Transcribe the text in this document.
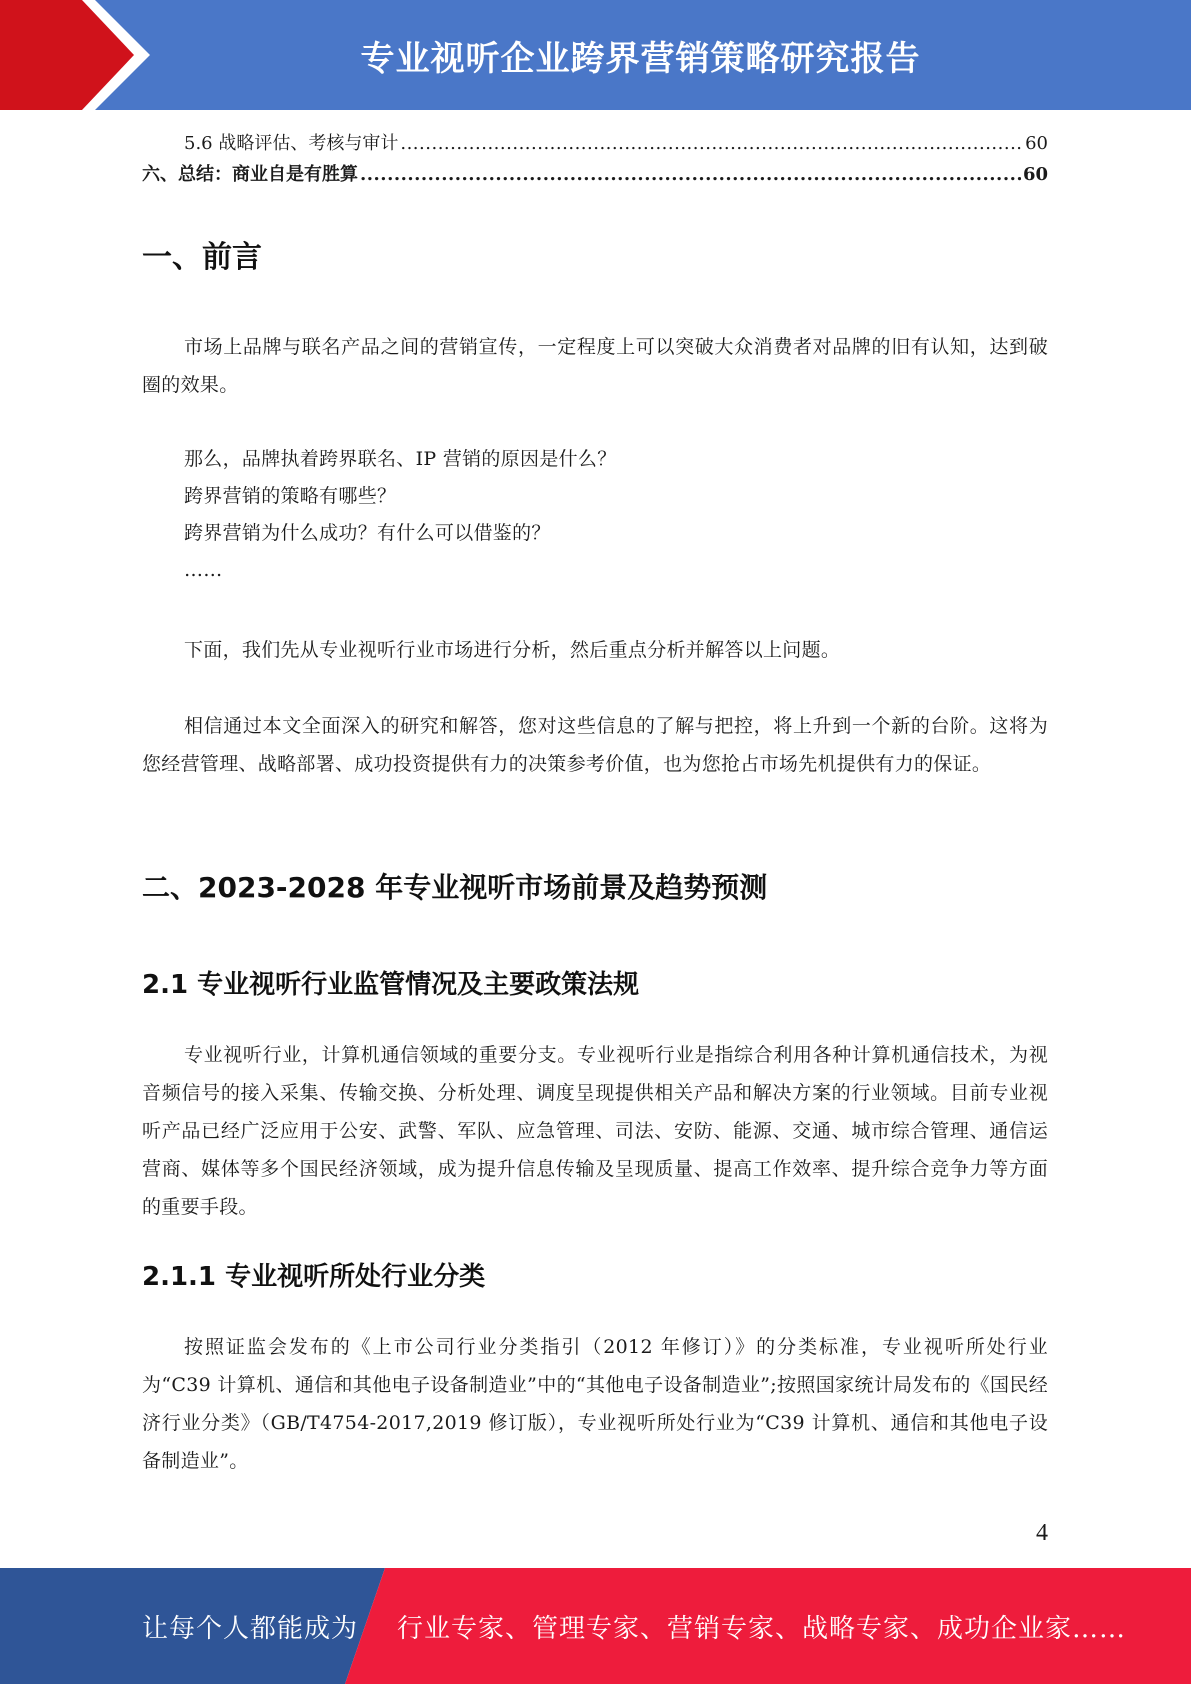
专业视听企业跨界营销策略研究报告
5.6 战略评估、考核与审计 .....	60
六、总结：商业自是有胜算 .....	60
一、前言

市场上品牌与联名产品之间的营销宣传，一定程度上可以突破大众消费者对品牌的旧有认知，达到破圈的效果。

那么，品牌执着跨界联名、IP 营销的原因是什么？
跨界营销的策略有哪些？
跨界营销为什么成功？有什么可以借鉴的？
……

下面，我们先从专业视听行业市场进行分析，然后重点分析并解答以上问题。

相信通过本文全面深入的研究和解答，您对这些信息的了解与把控，将上升到一个新的台阶。这将为您经营管理、战略部署、成功投资提供有力的决策参考价值，也为您抢占市场先机提供有力的保证。

二、2023-2028 年专业视听市场前景及趋势预测
2.1 专业视听行业监管情况及主要政策法规

专业视听行业，计算机通信领域的重要分支。专业视听行业是指综合利用各种计算机通信技术，为视音频信号的接入采集、传输交换、分析处理、调度呈现提供相关产品和解决方案的行业领域。目前专业视听产品已经广泛应用于公安、武警、军队、应急管理、司法、安防、能源、交通、城市综合管理、通信运营商、媒体等多个国民经济领域，成为提升信息传输及呈现质量、提高工作效率、提升综合竞争力等方面的重要手段。

2.1.1 专业视听所处行业分类

按照证监会发布的《上市公司行业分类指引（2012 年修订）》的分类标准，专业视听所处行业为“C39 计算机、通信和其他电子设备制造业”中的“其他电子设备制造业”;按照国家统计局发布的《国民经济行业分类》（GB/T4754-2017,2019 修订版），专业视听所处行业为“C39 计算机、通信和其他电子设备制造业”。

4
让每个人都能成为 行业专家、管理专家、营销专家、战略专家、成功企业家……
